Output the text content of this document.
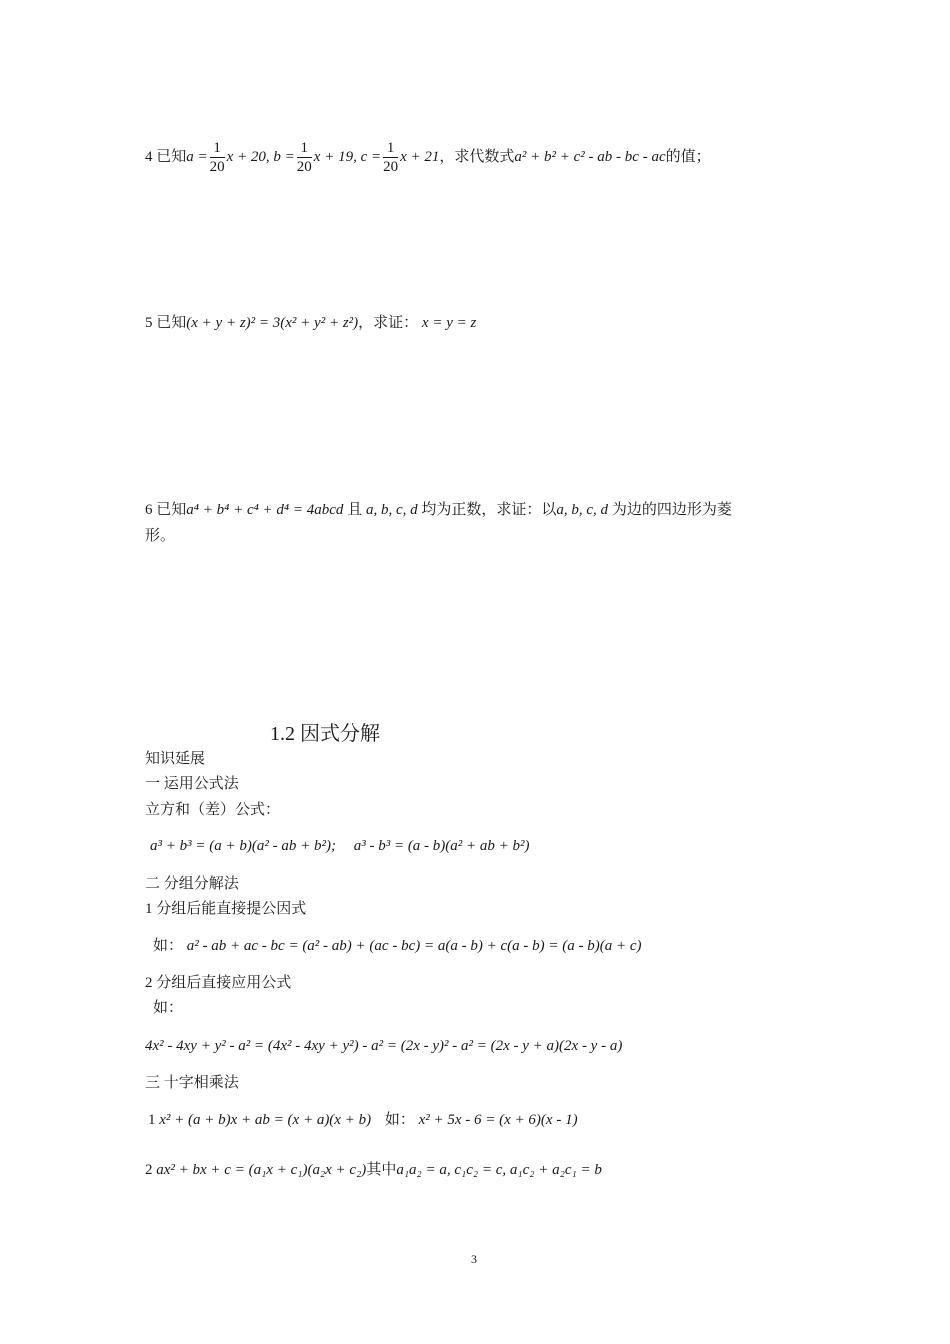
4 已知$a = \frac{1}{20}$ x + 20, $b = \frac{1}{20}$ x + 19, $c = \frac{1}{20}$ x + 21，求代数式a² + b² + c² - ab - bc - ac的值；
5 已知(x + y + z)² = 3(x² + y² + z²)，求证： x = y = z
6 已知a⁴ + b⁴ + c⁴ + d⁴ = 4abcd 且 a, b, c, d 均为正数，求证：以a, b, c, d 为边的四边形为菱
形。
1.2 因式分解
知识延展
一 运用公式法
立方和（差）公式：
a³ + b³ = (a + b)(a² - ab + b²); a³ - b³ = (a - b)(a² + ab + b²)
二 分组分解法
1 分组后能直接提公因式
如： a² - ab + ac - bc = (a² - ab) + (ac - bc) = a(a - b) + c(a - b) = (a - b)(a + c)
2 分组后直接应用公式
如：
4x² - 4xy + y² - a² = (4x² - 4xy + y²) - a² = (2x - y)² - a² = (2x - y + a)(2x - y - a)
三 十字相乘法
1 x² + (a + b)x + ab = (x + a)(x + b) 如： x² + 5x - 6 = (x + 6)(x - 1)
2 ax² + bx + c = (a₁x + c₁)(a₂x + c₂)其中a₁a₂ = a, c₁c₂ = c, a₁c₂ + a₂c₁ = b
3
